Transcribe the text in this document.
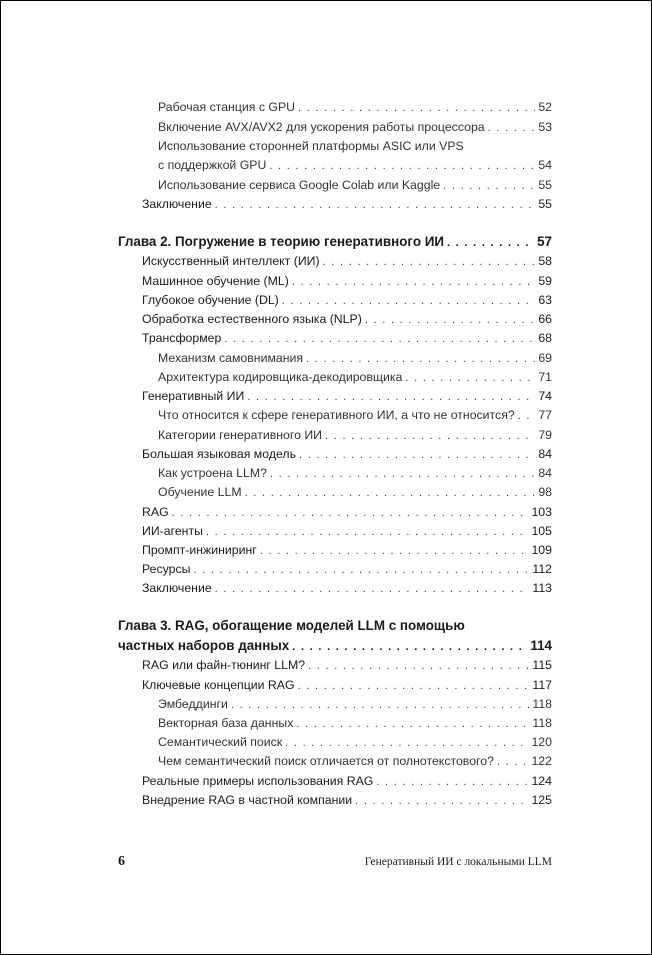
Рабочая станция с GPU . . .	52
Включение AVX/AVX2 для ускорения работы процессора . . .	53
Использование сторонней платформы ASIC или VPS
с поддержкой GPU . . .	54
Использование сервиса Google Colab или Kaggle . . .	55
Заключение . . .	55
Глава 2. Погружение в теорию генеративного ИИ . . .	57
Искусственный интеллект (ИИ) . . .	58
Машинное обучение (ML) . . .	59
Глубокое обучение (DL) . . .	63
Обработка естественного языка (NLP) . . .	66
Трансформер . . .	68
Механизм самовнимания . . .	69
Архитектура кодировщика-декодировщика . . .	71
Генеративный ИИ . . .	74
Что относится к сфере генеративного ИИ, а что не относится? . . . 77
Категории генеративного ИИ . . .	79
Большая языковая модель . . .	84
Как устроена LLM? . . .	84
Обучение LLM . . .	98
RAG . . .	103
ИИ-агенты . . .	105
Промпт-инжиниринг . . .	109
Ресурсы . . .	112
Заключение . . .	113
Глава 3. RAG, обогащение моделей LLM с помощью
частных наборов данных . . .	114
RAG или файн-тюнинг LLM? . . .	115
Ключевые концепции RAG . . .	117
Эмбеддинги . . .	118
Векторная база данных . . .	118
Семантический поиск . . .	120
Чем семантический поиск отличается от полнотекстового? . . .	122
Реальные примеры использования RAG . . .	124
Внедрение RAG в частной компании . . .	125
6	Генеративный ИИ с локальными LLM
